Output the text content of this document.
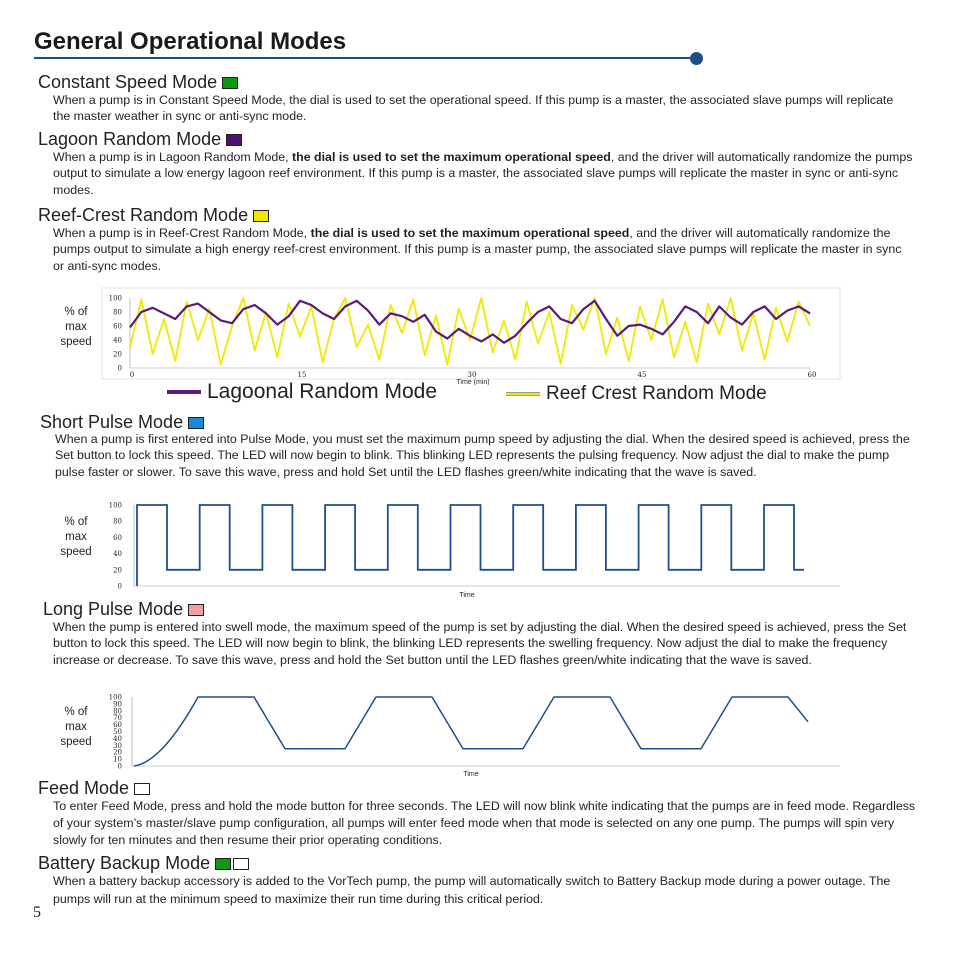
General Operational Modes
Constant Speed Mode
When a pump is in Constant Speed Mode, the dial is used to set the operational speed. If this pump is a master, the associated slave pumps will replicate the master weather in sync or anti-sync mode.
Lagoon Random Mode
When a pump is in Lagoon Random Mode, the dial is used to set the maximum operational speed, and the driver will automatically randomize the pumps output to simulate a low energy lagoon reef environment. If this pump is a master, the associated slave pumps will replicate the master in sync or anti-sync modes.
Reef-Crest Random Mode
When a pump is in Reef-Crest Random Mode, the dial is used to set the maximum operational speed, and the driver will automatically randomize the pumps output to simulate a high energy reef-crest environment. If this pump is a master pump, the associated slave pumps will replicate the master in sync or anti-sync modes.
% of max speed
0
20
40
60
80
100
0	15	30	45	60
Time (min)
Lagoonal Random Mode	Reef Crest Random Mode
Short Pulse Mode
When a pump is first entered into Pulse Mode, you must set the maximum pump speed by adjusting the dial. When the desired speed is achieved, press the Set button to lock this speed. The LED will now begin to blink. This blinking LED represents the pulsing frequency. Now adjust the dial to make the pump pulse faster or slower. To save this wave, press and hold Set until the LED flashes green/white indicating that the wave is saved.
% of max speed
0
20
40
60
80
100
Time
Long Pulse Mode
When the pump is entered into swell mode, the maximum speed of the pump is set by adjusting the dial. When the desired speed is achieved, press the Set button to lock this speed. The LED will now begin to blink, the blinking LED represents the swelling frequency. Now adjust the dial to make the frequency increase or decrease. To save this wave, press and hold the Set button until the LED flashes green/white indicating that the wave is saved.
% of max speed
0
10
20
30
40
50
60
70
80
90
100
Time
Feed Mode
To enter Feed Mode, press and hold the mode button for three seconds. The LED will now blink white indicating that the pumps are in feed mode. Regardless of your system’s master/slave pump configuration, all pumps will enter feed mode when that mode is selected on any one pump. The pumps will spin very slowly for ten minutes and then resume their prior operating conditions.
Battery Backup Mode
When a battery backup accessory is added to the VorTech pump, the pump will automatically switch to Battery Backup mode during a power outage. The pumps will run at the minimum speed to maximize their run time during this critical period.
5
